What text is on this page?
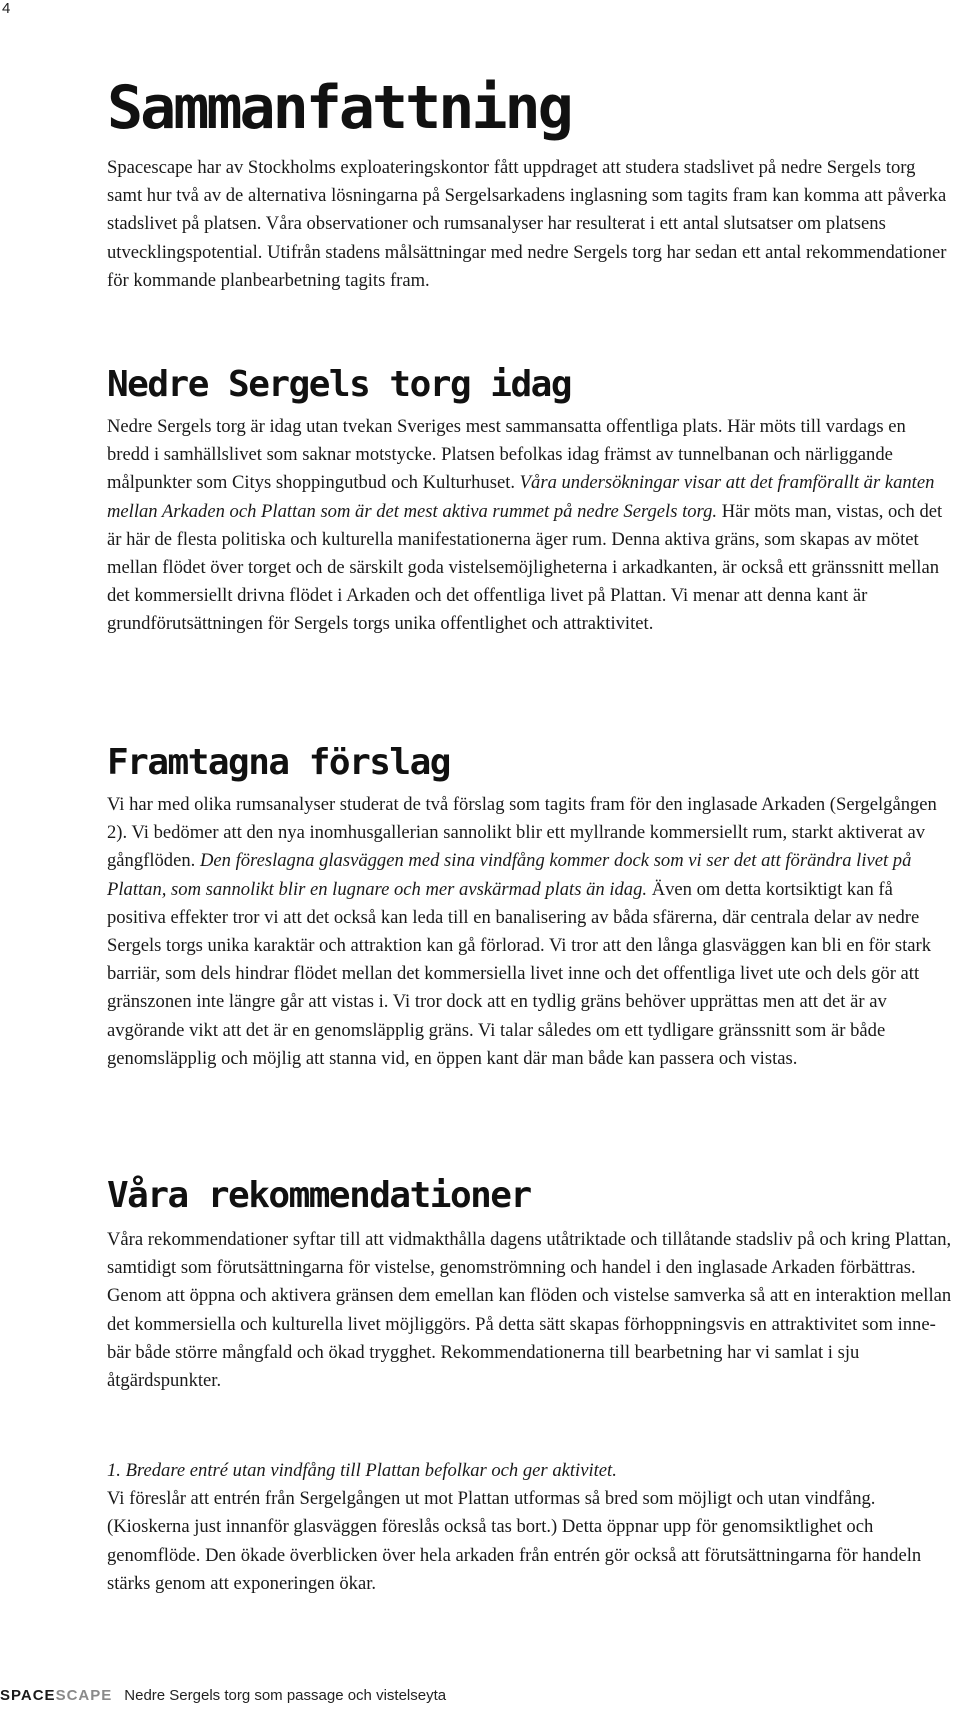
4
Sammanfattning

Spacescape har av Stockholms exploateringskontor fått uppdraget att studera stadslivet på nedre Sergels torg samt hur två av de alternativa lösningarna på Sergelsarkadens inglasning som tagits fram kan komma att påverka stadslivet på platsen. Våra observationer och rumsanalyser har resulterat i ett antal slutsatser om platsens utvecklingspotential. Utifrån stadens målsättningar med nedre Sergels torg har sedan ett antal rekommendationer för kommande planbearbetning tagits fram.

Nedre Sergels torg idag

Nedre Sergels torg är idag utan tvekan Sveriges mest sammansatta offentliga plats. Här möts till vardags en bredd i samhällslivet som saknar motstycke. Platsen befolkas idag främst av tunnelbanan och närliggande målpunkter som Citys shoppingutbud och Kulturhuset. Våra undersökningar visar att det framförallt är kanten mellan Arkaden och Plattan som är det mest aktiva rummet på nedre Sergels torg. Här möts man, vistas, och det är här de flesta politiska och kulturella manifestationerna äger rum. Denna aktiva gräns, som skapas av mötet mellan flödet över torget och de särskilt goda vistelsemöjligheterna i arkadkanten, är också ett gränssnitt mellan det kommersiellt drivna flödet i Arkaden och det offentliga livet på Plattan. Vi menar att denna kant är grundförutsättningen för Sergels torgs unika offentlighet och attraktivitet.

Framtagna förslag

Vi har med olika rumsanalyser studerat de två förslag som tagits fram för den inglasade Arkaden (Sergelgången 2). Vi bedömer att den nya inomhusgallerian sannolikt blir ett myllrande kommersiellt rum, starkt aktiverat av gångflöden. Den föreslagna glasväggen med sina vindfång kommer dock som vi ser det att förändra livet på Plattan, som sannolikt blir en lugnare och mer avskärmad plats än idag. Även om detta kortsiktigt kan få positiva effekter tror vi att det också kan leda till en banalisering av båda sfärerna, där centrala delar av nedre Sergels torgs unika karaktär och attraktion kan gå förlorad. Vi tror att den långa glasväggen kan bli en för stark barriär, som dels hindrar flödet mellan det kommersiella livet inne och det offentliga livet ute och dels gör att gränszonen inte längre går att vistas i. Vi tror dock att en tydlig gräns behöver upprättas men att det är av avgörande vikt att det är en genomsläpplig gräns. Vi talar således om ett tydligare gränssnitt som är både genomsläpplig och möjlig att stanna vid, en öppen kant där man både kan passera och vistas.

Våra rekommendationer

Våra rekommendationer syftar till att vidmakthålla dagens utåtriktade och tillåtande stadsliv på och kring Plattan, samtidigt som förutsättningarna för vistelse, genomströmning och handel i den inglasade Arkaden förbättras. Genom att öppna och aktivera gränsen dem emellan kan flöden och vistelse samverka så att en interaktion mellan det kommersiella och kulturella livet möjliggörs. På detta sätt skapas förhoppningsvis en attraktivitet som innebär både större mångfald och ökad trygghet. Rekommendationerna till bearbetning har vi samlat i sju åtgärdspunkter.

1. Bredare entré utan vindfång till Plattan befolkar och ger aktivitet.
Vi föreslår att entrén från Sergelgången ut mot Plattan utformas så bred som möjligt och utan vindfång. (Kioskerna just innanför glasväggen föreslås också tas bort.) Detta öppnar upp för genomsiktlighet och genomflöde. Den ökade överblicken över hela arkaden från entrén gör också att förutsättningarna för handeln stärks genom att exponeringen ökar.

SPACESCAPE Nedre Sergels torg som passage och vistelseyta
